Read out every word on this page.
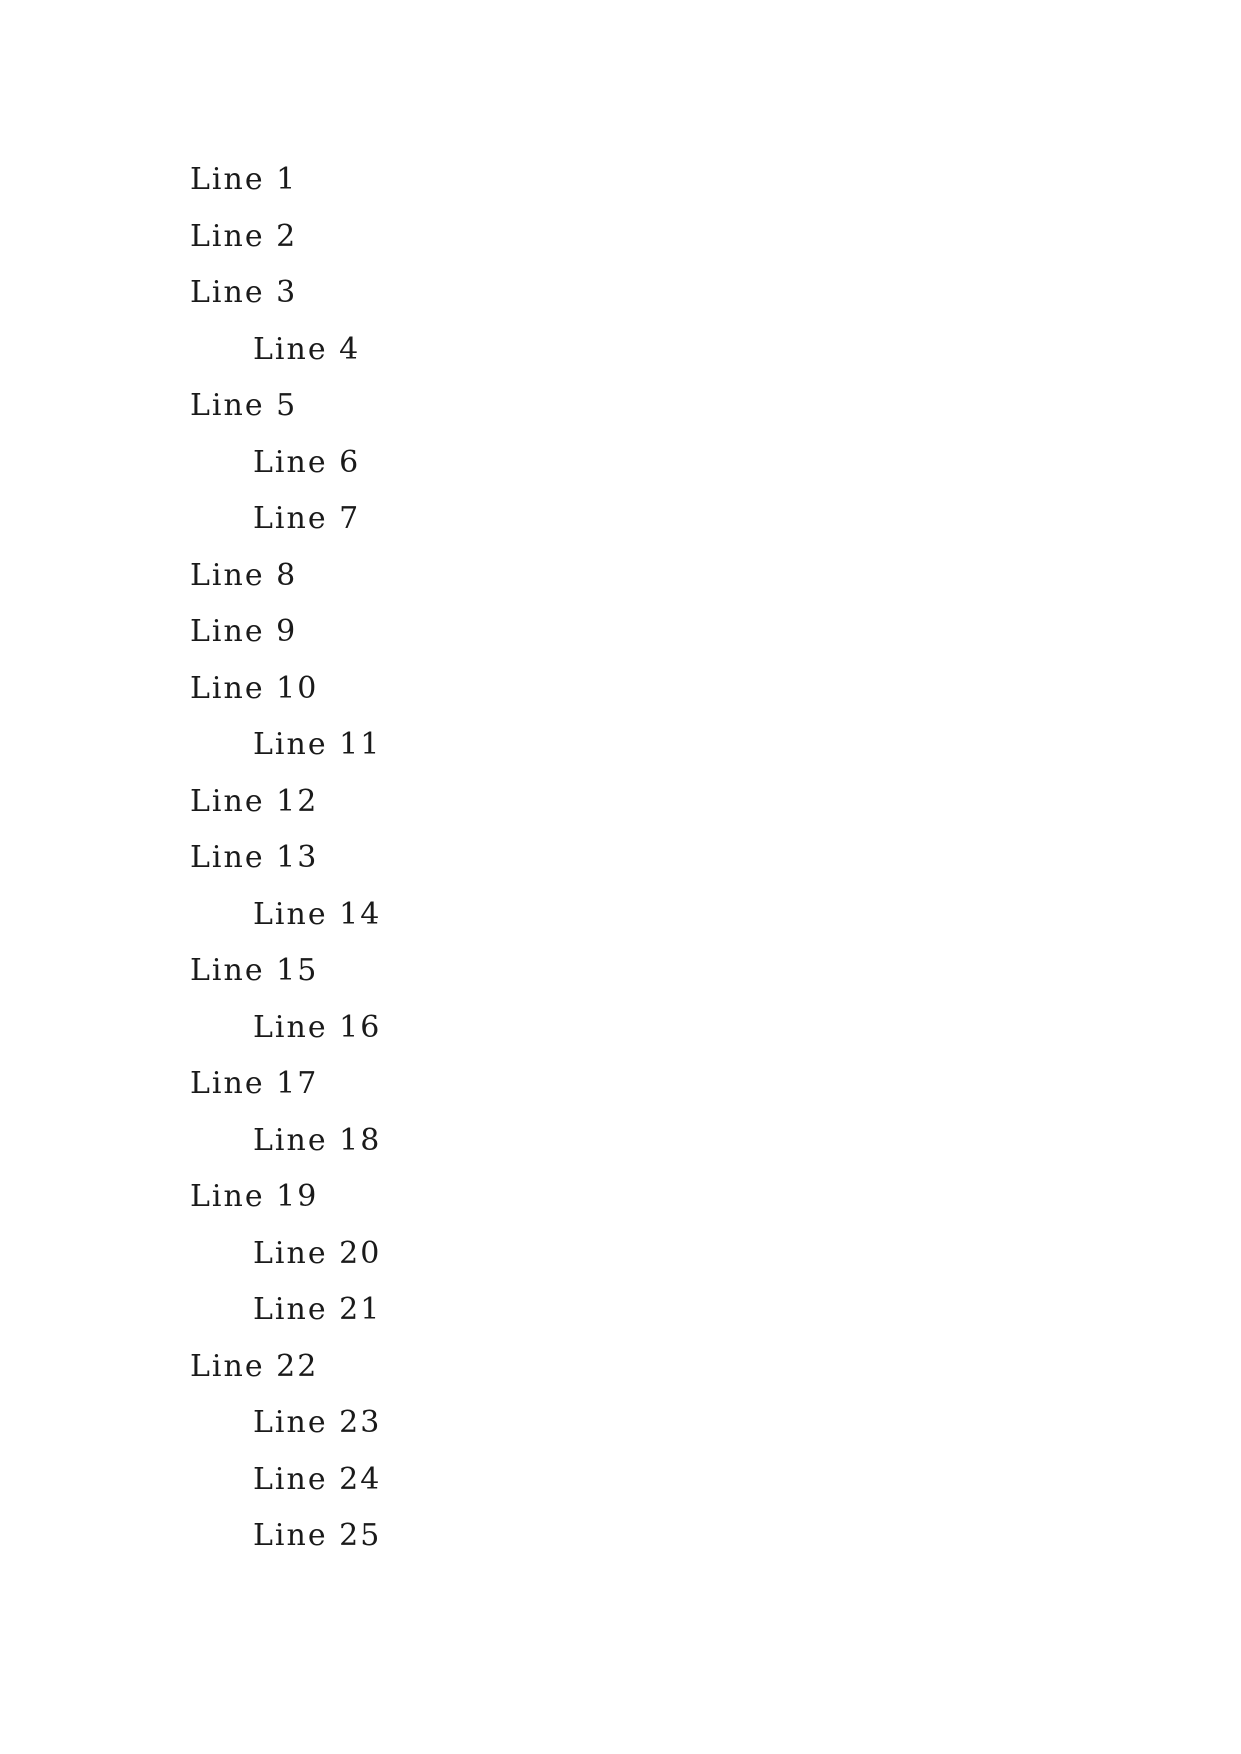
Line 1
Line 2
Line 3
Line 4
Line 5
Line 6
Line 7
Line 8
Line 9
Line 10
Line 11
Line 12
Line 13
Line 14
Line 15
Line 16
Line 17
Line 18
Line 19
Line 20
Line 21
Line 22
Line 23
Line 24
Line 25
